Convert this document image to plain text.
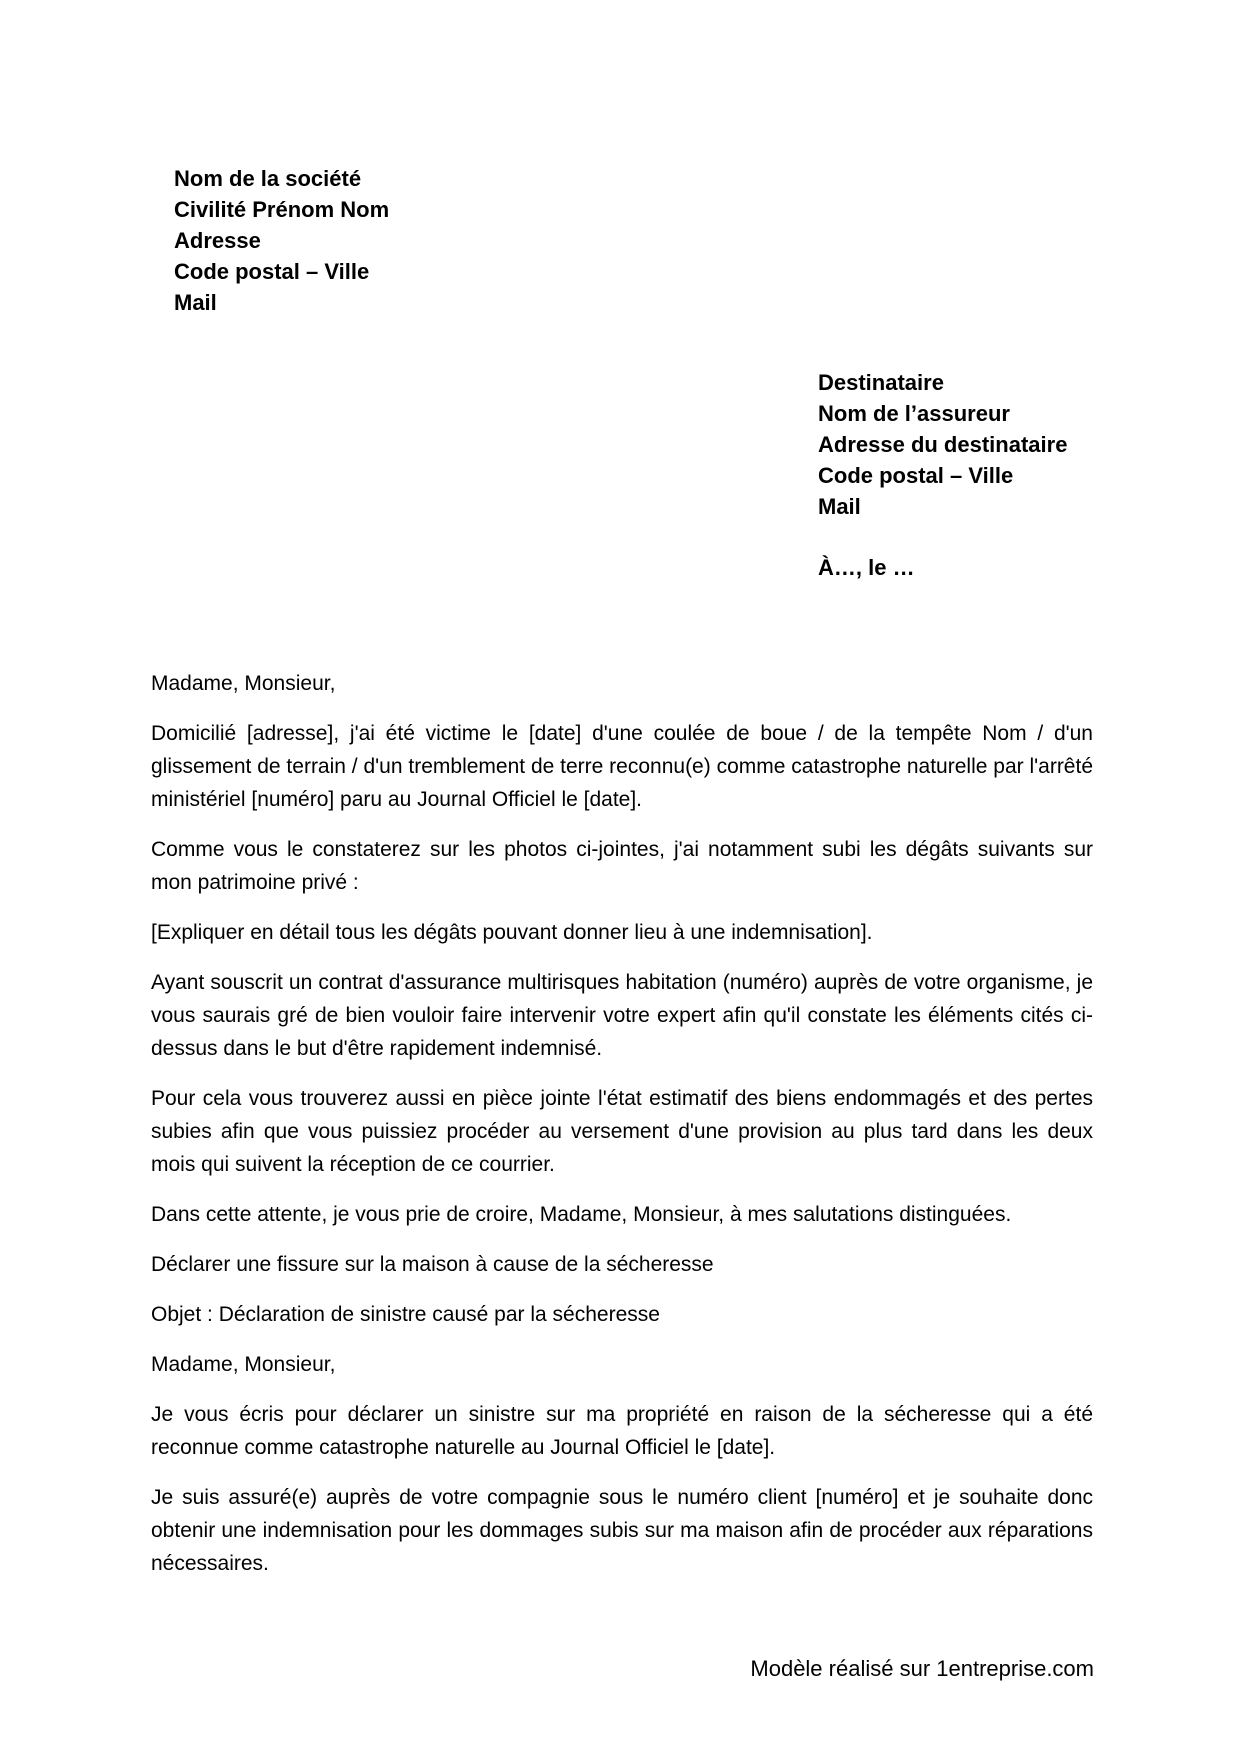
Nom de la société
Civilité Prénom Nom
Adresse
Code postal – Ville
Mail
Destinataire
Nom de l’assureur
Adresse du destinataire
Code postal – Ville
Mail
À…, le …

Madame, Monsieur,

Domicilié [adresse], j'ai été victime le [date] d'une coulée de boue / de la tempête Nom / d'un glissement de terrain / d'un tremblement de terre reconnu(e) comme catastrophe naturelle par l'arrêté ministériel [numéro] paru au Journal Officiel le [date].

Comme vous le constaterez sur les photos ci-jointes, j'ai notamment subi les dégâts suivants sur mon patrimoine privé :

[Expliquer en détail tous les dégâts pouvant donner lieu à une indemnisation].

Ayant souscrit un contrat d'assurance multirisques habitation (numéro) auprès de votre organisme, je vous saurais gré de bien vouloir faire intervenir votre expert afin qu'il constate les éléments cités ci-dessus dans le but d'être rapidement indemnisé.

Pour cela vous trouverez aussi en pièce jointe l'état estimatif des biens endommagés et des pertes subies afin que vous puissiez procéder au versement d'une provision au plus tard dans les deux mois qui suivent la réception de ce courrier.

Dans cette attente, je vous prie de croire, Madame, Monsieur, à mes salutations distinguées.

Déclarer une fissure sur la maison à cause de la sécheresse

Objet : Déclaration de sinistre causé par la sécheresse

Madame, Monsieur,

Je vous écris pour déclarer un sinistre sur ma propriété en raison de la sécheresse qui a été reconnue comme catastrophe naturelle au Journal Officiel le [date].

Je suis assuré(e) auprès de votre compagnie sous le numéro client [numéro] et je souhaite donc obtenir une indemnisation pour les dommages subis sur ma maison afin de procéder aux réparations nécessaires.

Modèle réalisé sur 1entreprise.com
